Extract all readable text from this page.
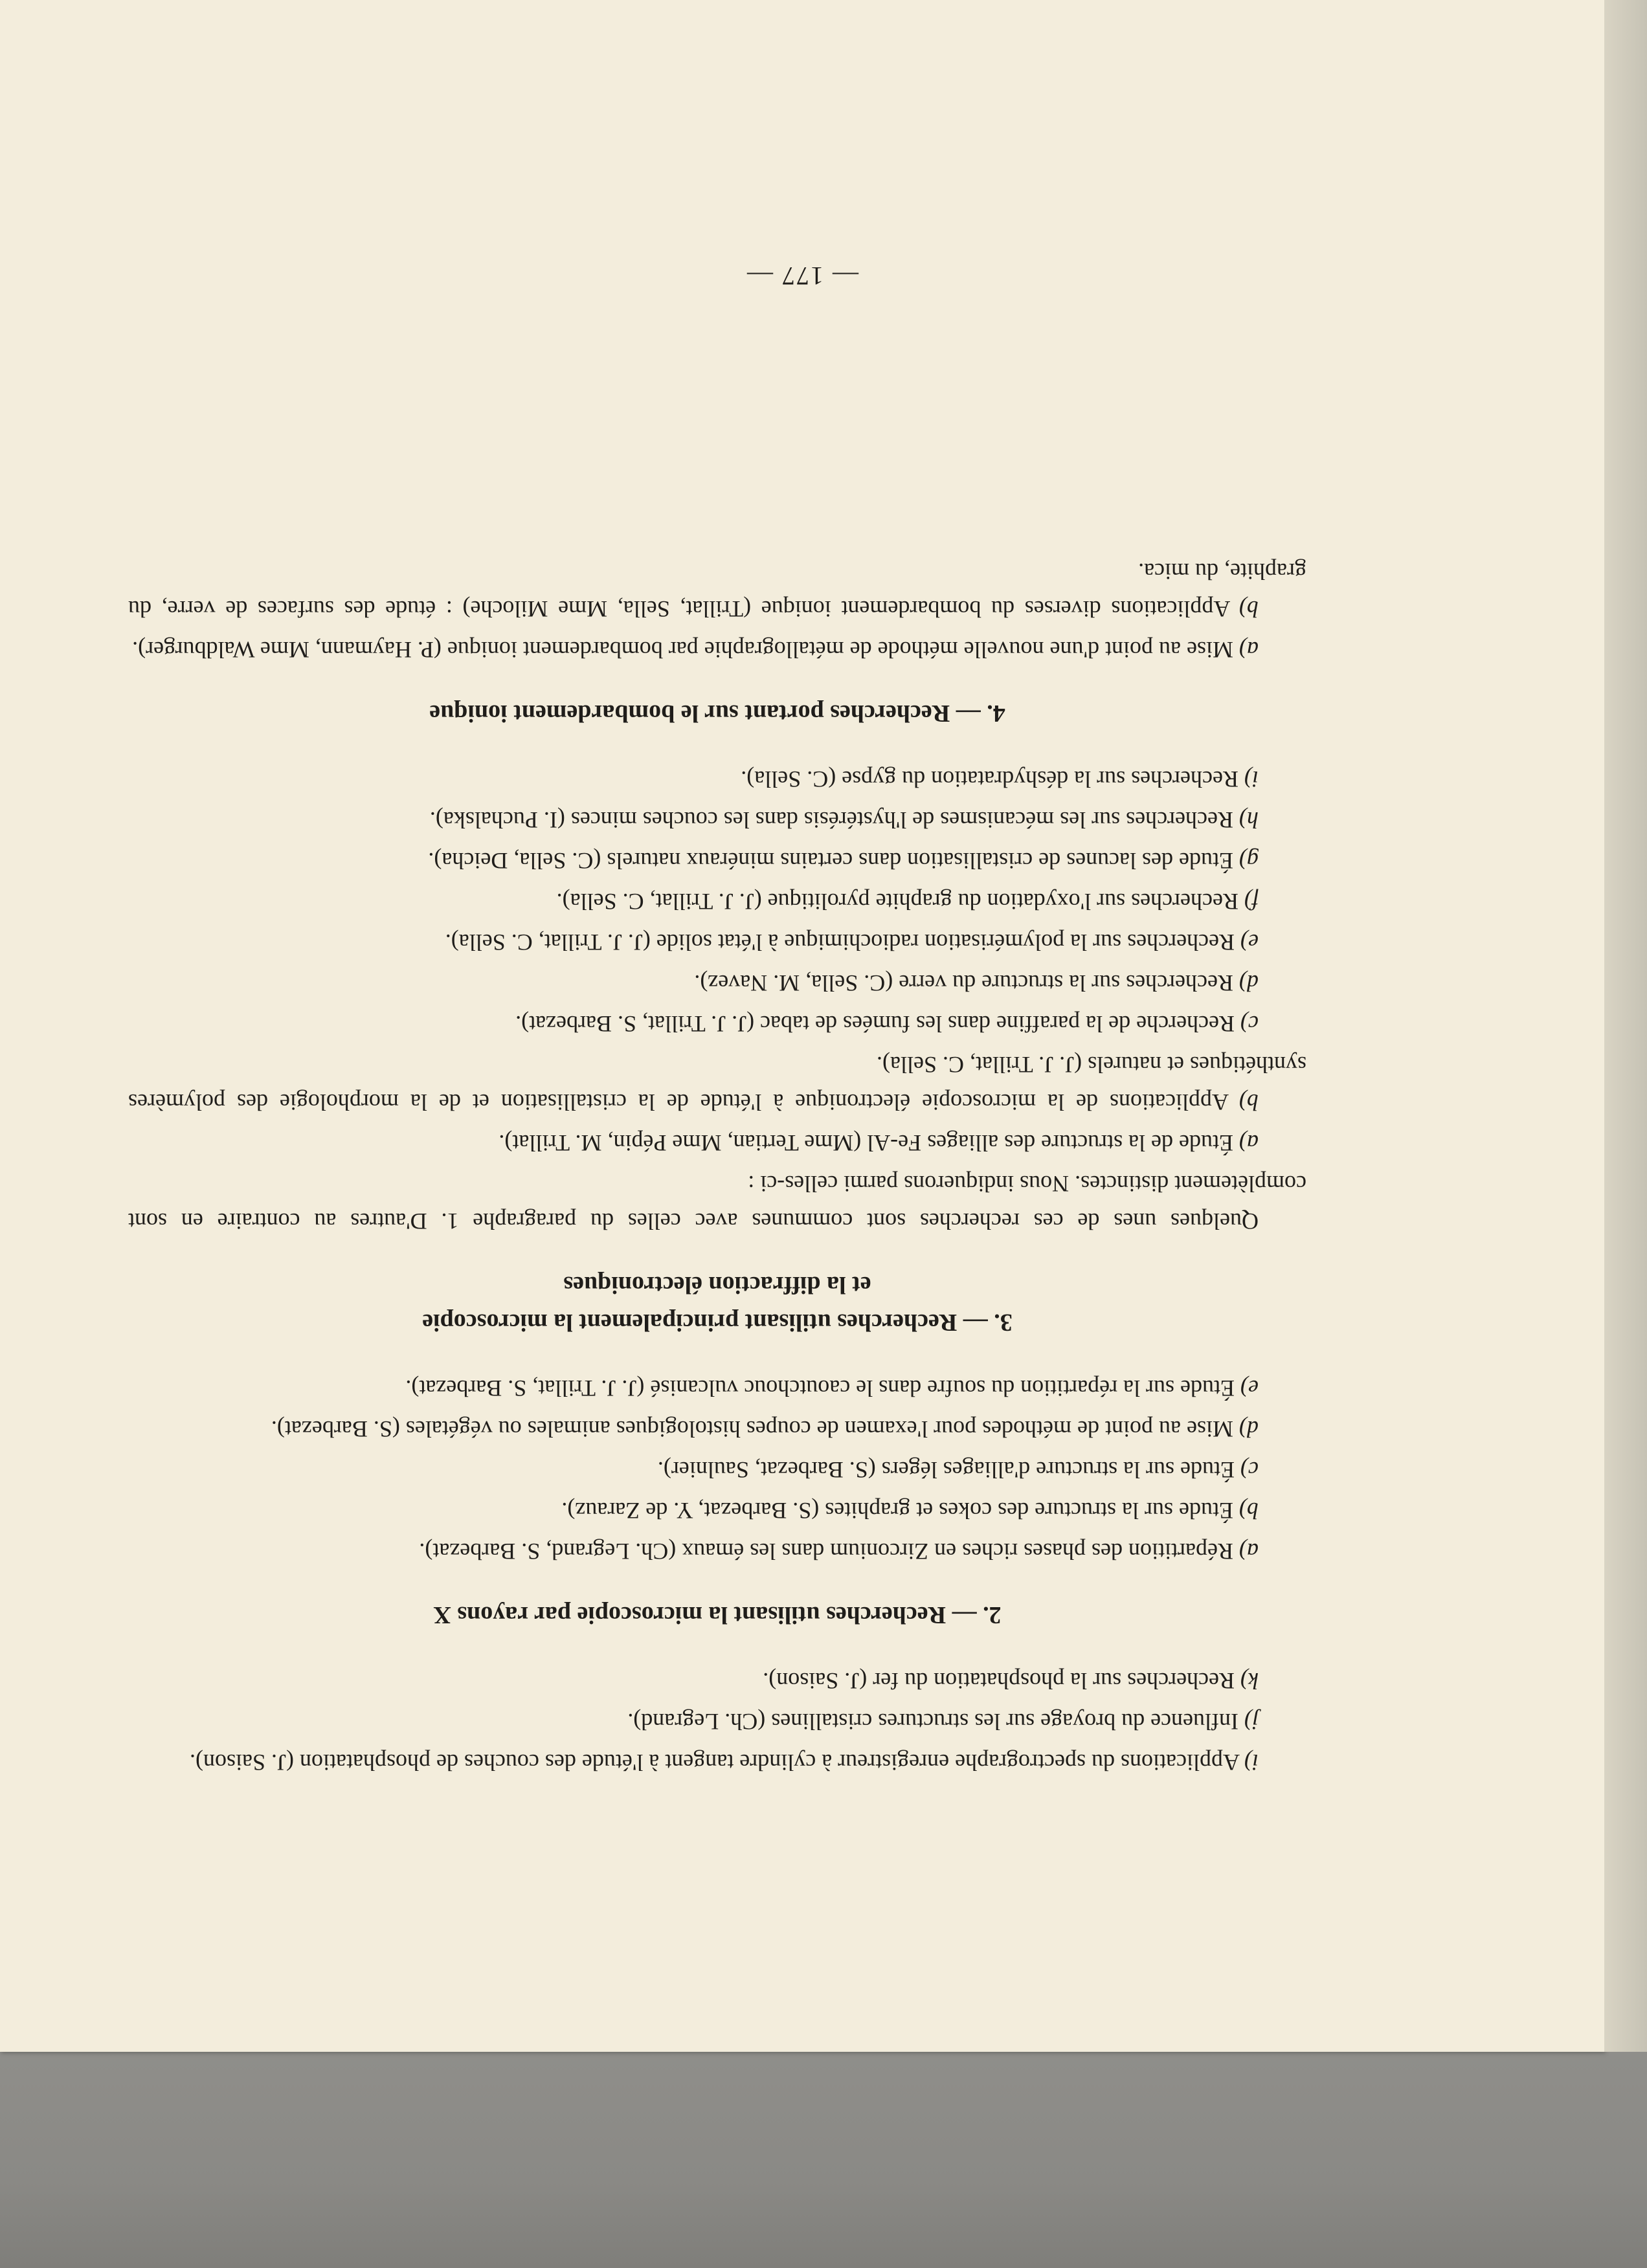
i) Applications du spectrographe enregistreur à cylindre tangent à l'étude des couches de phosphatation (J. Saison).

j) Influence du broyage sur les structures cristallines (Ch. Legrand).

k) Recherches sur la phosphatation du fer (J. Saison).

2. — Recherches utilisant la microscopie par rayons X

a) Répartition des phases riches en Zirconium dans les émaux (Ch. Legrand, S. Barbezat).

b) Étude sur la structure des cokes et graphites (S. Barbezat, Y. de Zarauz).

c) Étude sur la structure d'alliages légers (S. Barbezat, Saulnier).

d) Mise au point de méthodes pour l'examen de coupes histologiques animales ou végétales (S. Barbezat).

e) Étude sur la répartition du soufre dans le caoutchouc vulcanisé (J. J. Trillat, S. Barbezat).

3. — Recherches utilisant principalement la microscopie
et la diffraction électroniques

Quelques unes de ces recherches sont communes avec celles du paragraphe 1. D'autres au contraire en sont complètement distinctes. Nous indiquerons parmi celles-ci :

a) Étude de la structure des alliages Fe-Al (Mme Tertian, Mme Pépin, M. Trillat).

b) Applications de la microscopie électronique à l'étude de la cristallisation et de la morphologie des polymères synthétiques et naturels (J. J. Trillat, C. Sella).

c) Recherche de la paraffine dans les fumées de tabac (J. J. Trillat, S. Barbezat).

d) Recherches sur la structure du verre (C. Sella, M. Navez).

e) Recherches sur la polymérisation radiochimique à l'état solide (J. J. Trillat, C. Sella).

f) Recherches sur l'oxydation du graphite pyrolitique (J. J. Trillat, C. Sella).

g) Étude des lacunes de cristallisation dans certains minéraux naturels (C. Sella, Deicha).

h) Recherches sur les mécanismes de l'hystérésis dans les couches minces (I. Puchalska).

i) Recherches sur la déshydratation du gypse (C. Sella).

4. — Recherches portant sur le bombardement ionique

a) Mise au point d'une nouvelle méthode de métallographie par bombardement ionique (P. Haymann, Mme Waldburger).

b) Applications diverses du bombardement ionique (Trillat, Sella, Mme Miloche) : étude des surfaces de verre, du graphite, du mica.

— 177 —
